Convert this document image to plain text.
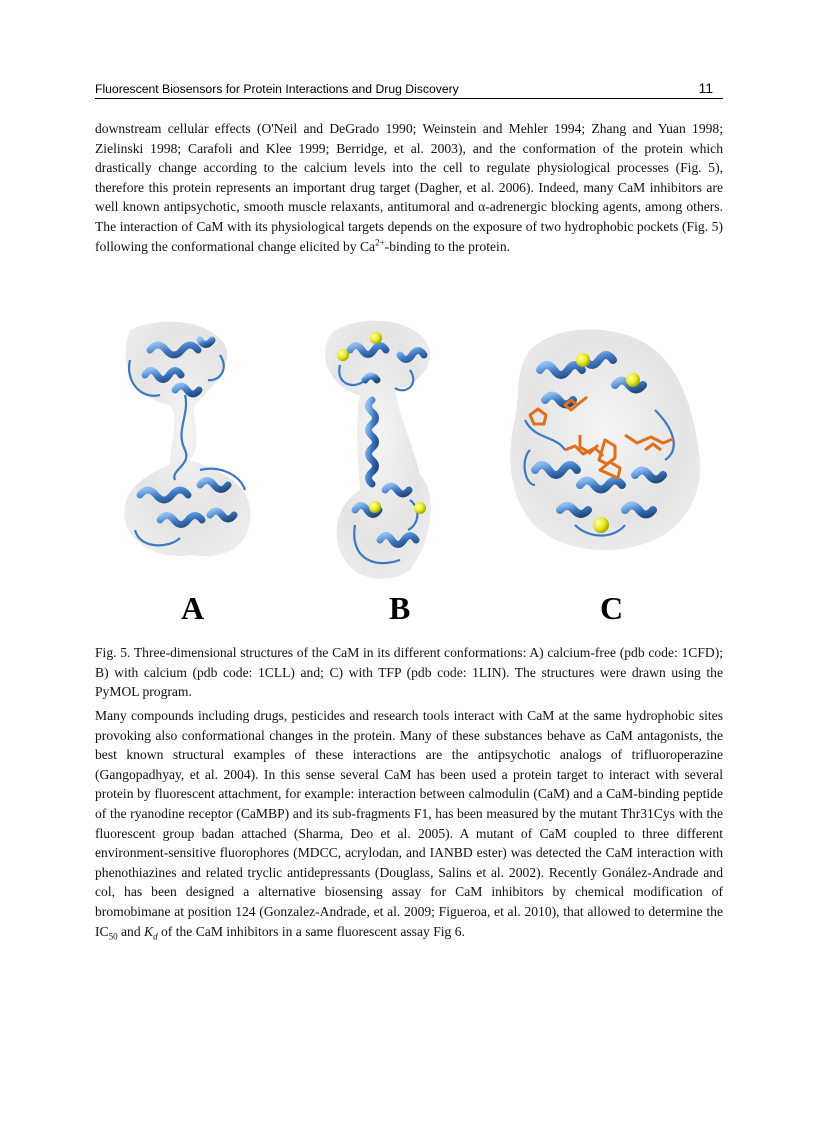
Fluorescent Biosensors for Protein Interactions and Drug Discovery	11

downstream cellular effects (O'Neil and DeGrado 1990; Weinstein and Mehler 1994; Zhang and Yuan 1998; Zielinski 1998; Carafoli and Klee 1999; Berridge, et al. 2003), and the conformation of the protein which drastically change according to the calcium levels into the cell to regulate physiological processes (Fig. 5), therefore this protein represents an important drug target (Dagher, et al. 2006). Indeed, many CaM inhibitors are well known antipsychotic, smooth muscle relaxants, antitumoral and α-adrenergic blocking agents, among others. The interaction of CaM with its physiological targets depends on the exposure of two hydrophobic pockets (Fig. 5) following the conformational change elicited by $Ca^{2+}$-binding to the protein.

A	B	C

Fig. 5. Three-dimensional structures of the CaM in its different conformations: A) calcium-free (pdb code: 1CFD); B) with calcium (pdb code: 1CLL) and; C) with TFP (pdb code: 1LIN). The structures were drawn using the PyMOL program.

Many compounds including drugs, pesticides and research tools interact with CaM at the same hydrophobic sites provoking also conformational changes in the protein. Many of these substances behave as CaM antagonists, the best known structural examples of these interactions are the antipsychotic analogs of trifluoroperazine (Gangopadhyay, et al. 2004). In this sense several CaM has been used a protein target to interact with several protein by fluorescent attachment, for example: interaction between calmodulin (CaM) and a CaM-binding peptide of the ryanodine receptor (CaMBP) and its sub-fragments F1, has been measured by the mutant Thr31Cys with the fluorescent group badan attached (Sharma, Deo et al. 2005). A mutant of CaM coupled to three different environment-sensitive fluorophores (MDCC, acrylodan, and IANBD ester) was detected the CaM interaction with phenothiazines and related tryclic antidepressants (Douglass, Salins et al. 2002). Recently Gonález-Andrade and col, has been designed a alternative biosensing assay for CaM inhibitors by chemical modification of bromobimane at position 124 (Gonzalez-Andrade, et al. 2009; Figueroa, et al. 2010), that allowed to determine the $IC_{50}$ and $K_d$ of the CaM inhibitors in a same fluorescent assay Fig 6.
